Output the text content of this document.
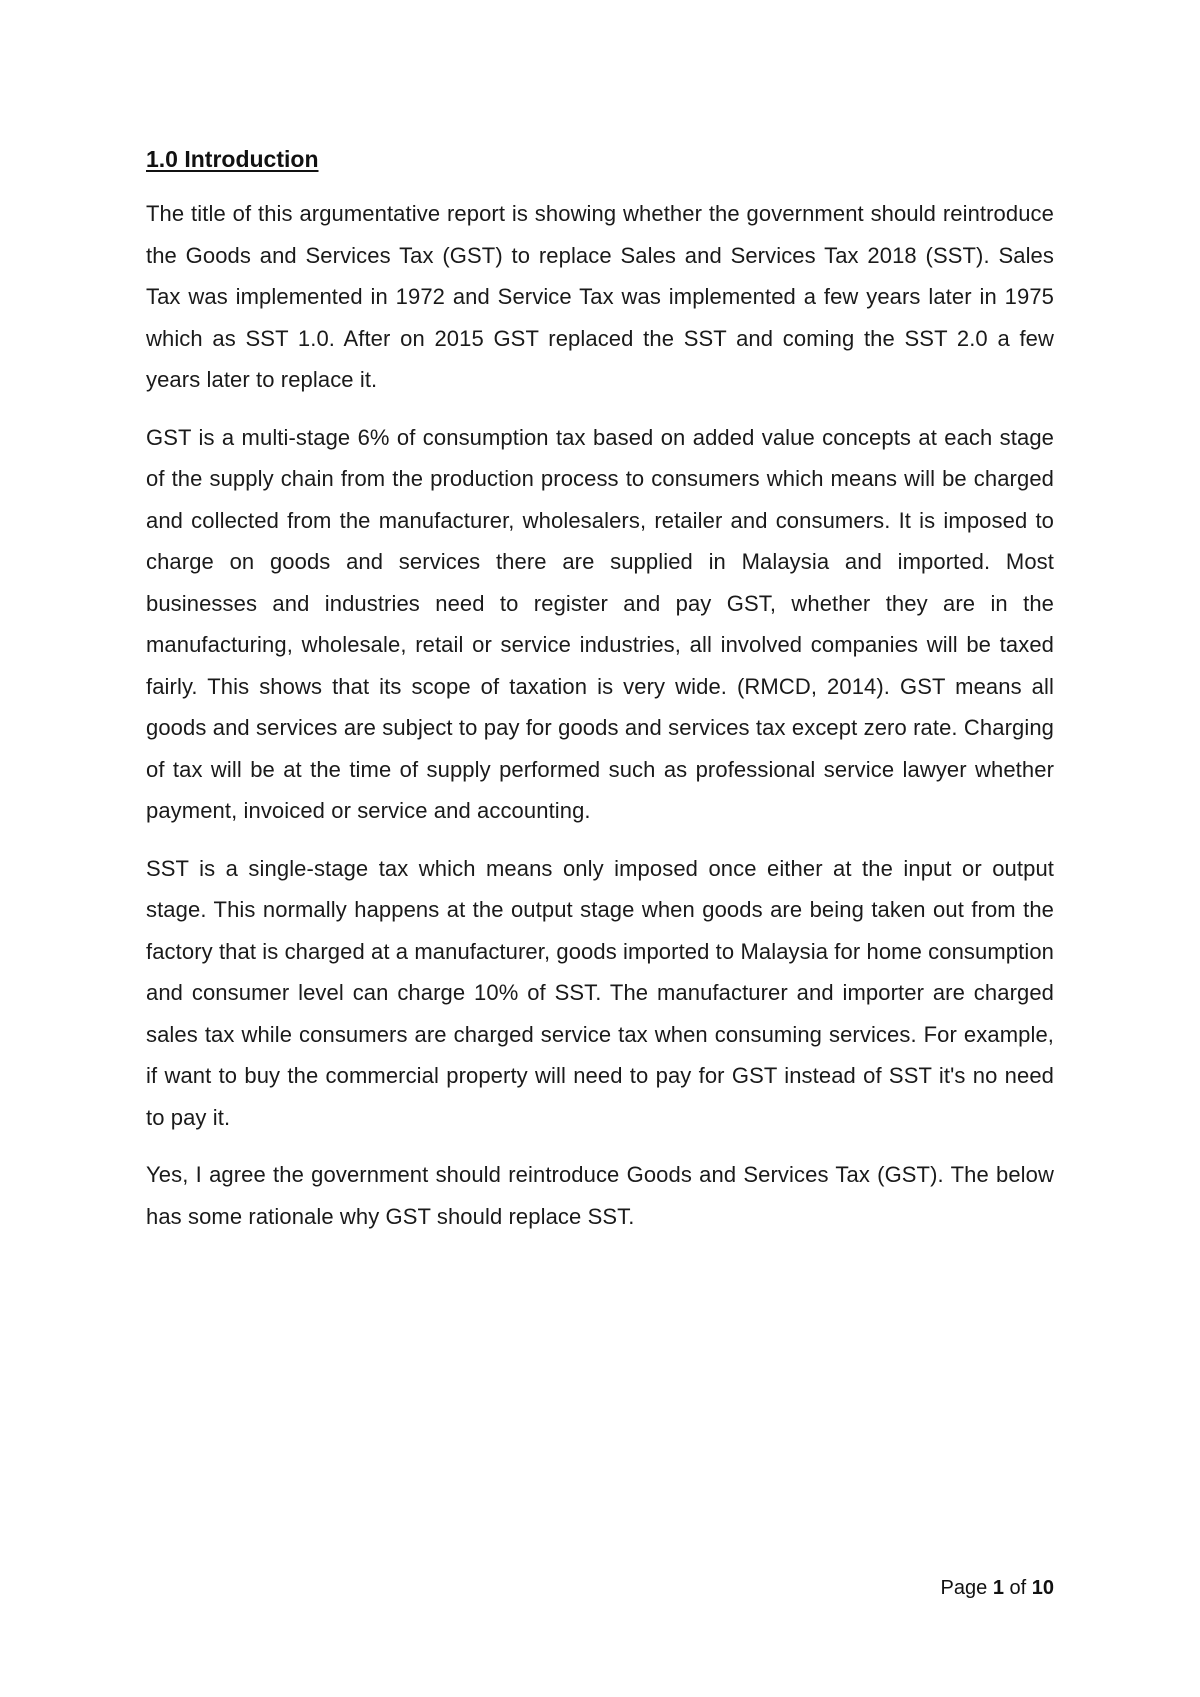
1.0 Introduction

The title of this argumentative report is showing whether the government should reintroduce the Goods and Services Tax (GST) to replace Sales and Services Tax 2018 (SST). Sales Tax was implemented in 1972 and Service Tax was implemented a few years later in 1975 which as SST 1.0. After on 2015 GST replaced the SST and coming the SST 2.0 a few years later to replace it.

GST is a multi-stage 6% of consumption tax based on added value concepts at each stage of the supply chain from the production process to consumers which means will be charged and collected from the manufacturer, wholesalers, retailer and consumers. It is imposed to charge on goods and services there are supplied in Malaysia and imported. Most businesses and industries need to register and pay GST, whether they are in the manufacturing, wholesale, retail or service industries, all involved companies will be taxed fairly. This shows that its scope of taxation is very wide. (RMCD, 2014). GST means all goods and services are subject to pay for goods and services tax except zero rate. Charging of tax will be at the time of supply performed such as professional service lawyer whether payment, invoiced or service and accounting.

SST is a single-stage tax which means only imposed once either at the input or output stage. This normally happens at the output stage when goods are being taken out from the factory that is charged at a manufacturer, goods imported to Malaysia for home consumption and consumer level can charge 10% of SST. The manufacturer and importer are charged sales tax while consumers are charged service tax when consuming services. For example, if want to buy the commercial property will need to pay for GST instead of SST it's no need to pay it.

Yes, I agree the government should reintroduce Goods and Services Tax (GST). The below has some rationale why GST should replace SST.

Page 1 of 10
